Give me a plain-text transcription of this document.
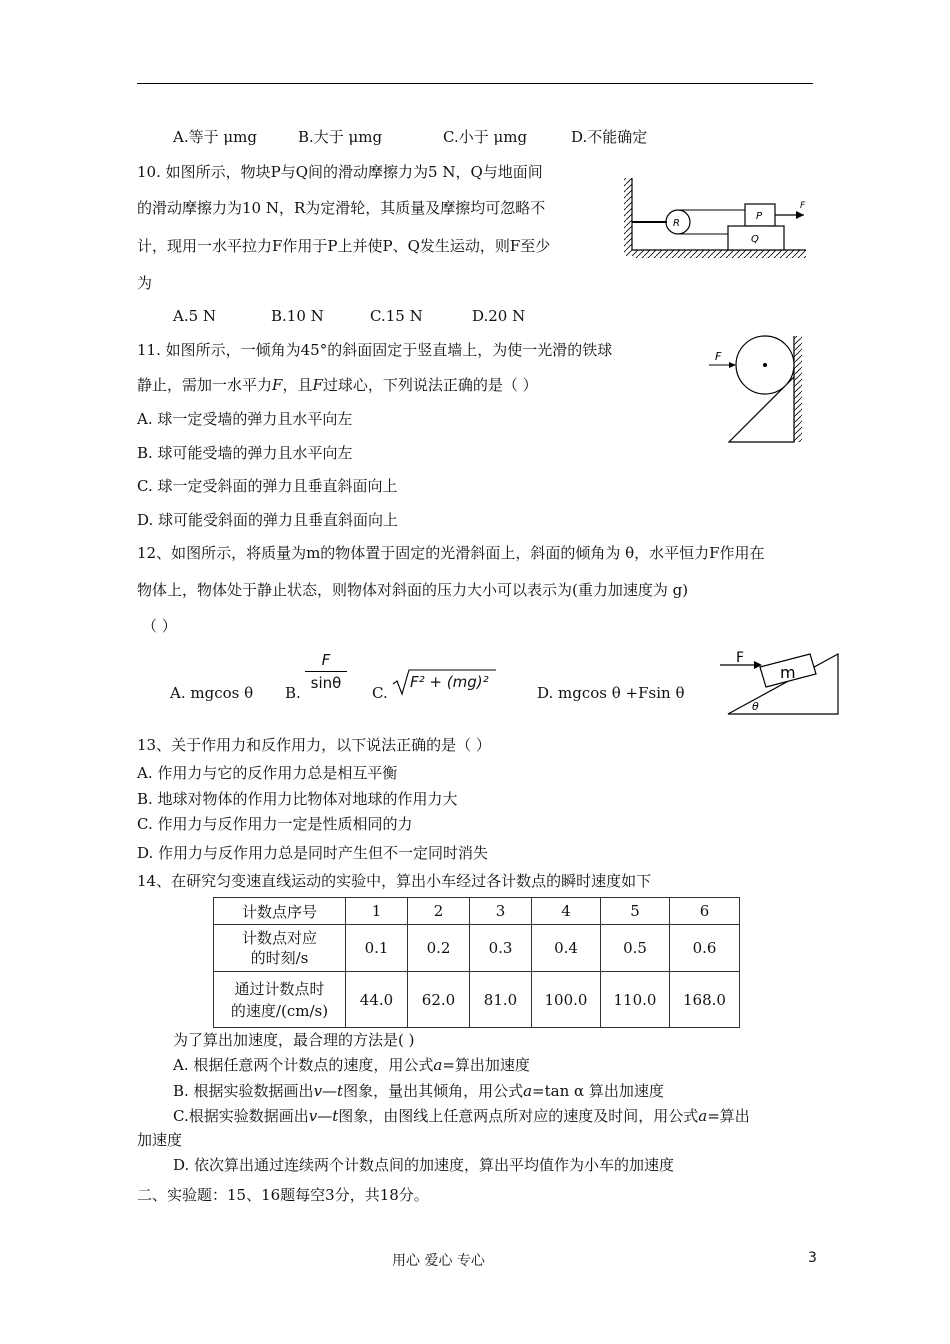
A.等于 μmg	B.大于 μmg	C.小于 μmg	D.不能确定
10. 如图所示，物块P与Q间的滑动摩擦力为5 N，Q与地面间
的滑动摩擦力为10 N，R为定滑轮，其质量及摩擦均可忽略不
计，现用一水平拉力F作用于P上并使P、Q发生运动，则F至少
为
A.5 N	B.10 N	C.15 N	D.20 N
R
P
Q
F
11. 如图所示，一倾角为45°的斜面固定于竖直墙上，为使一光滑的铁球
静止，需加一水平力F，且F过球心，下列说法正确的是（ ）
A. 球一定受墙的弹力且水平向左
B. 球可能受墙的弹力且水平向左
C. 球一定受斜面的弹力且垂直斜面向上
D. 球可能受斜面的弹力且垂直斜面向上
F
12、如图所示，将质量为m的物体置于固定的光滑斜面上，斜面的倾角为 θ，水平恒力F作用在
物体上，物体处于静止状态，则物体对斜面的压力大小可以表示为(重力加速度为 g)
（ ）
A. mgcos θ B.
F
sinθ
C.
F² + (mg)²
D. mgcos θ +Fsin θ
m
F
θ
13、关于作用力和反作用力，以下说法正确的是（ ）
A. 作用力与它的反作用力总是相互平衡
B. 地球对物体的作用力比物体对地球的作用力大
C. 作用力与反作用力一定是性质相同的力
D. 作用力与反作用力总是同时产生但不一定同时消失
14、在研究匀变速直线运动的实验中，算出小车经过各计数点的瞬时速度如下
计数点序号	1	2	3	4	5	6

计数点对应
的时刻/s	0.1	0.2	0.3	0.4	0.5	0.6

通过计数点时
的速度/(cm/s)	44.0	62.0	81.0	100.0	110.0	168.0
为了算出加速度，最合理的方法是( )
A. 根据任意两个计数点的速度，用公式a=算出加速度
B. 根据实验数据画出v—t图象，量出其倾角，用公式a=tan α 算出加速度
C.根据实验数据画出v—t图象，由图线上任意两点所对应的速度及时间，用公式a=算出
加速度
D. 依次算出通过连续两个计数点间的加速度，算出平均值作为小车的加速度
二、实验题：15、16题每空3分，共18分。
用心 爱心 专心	3
